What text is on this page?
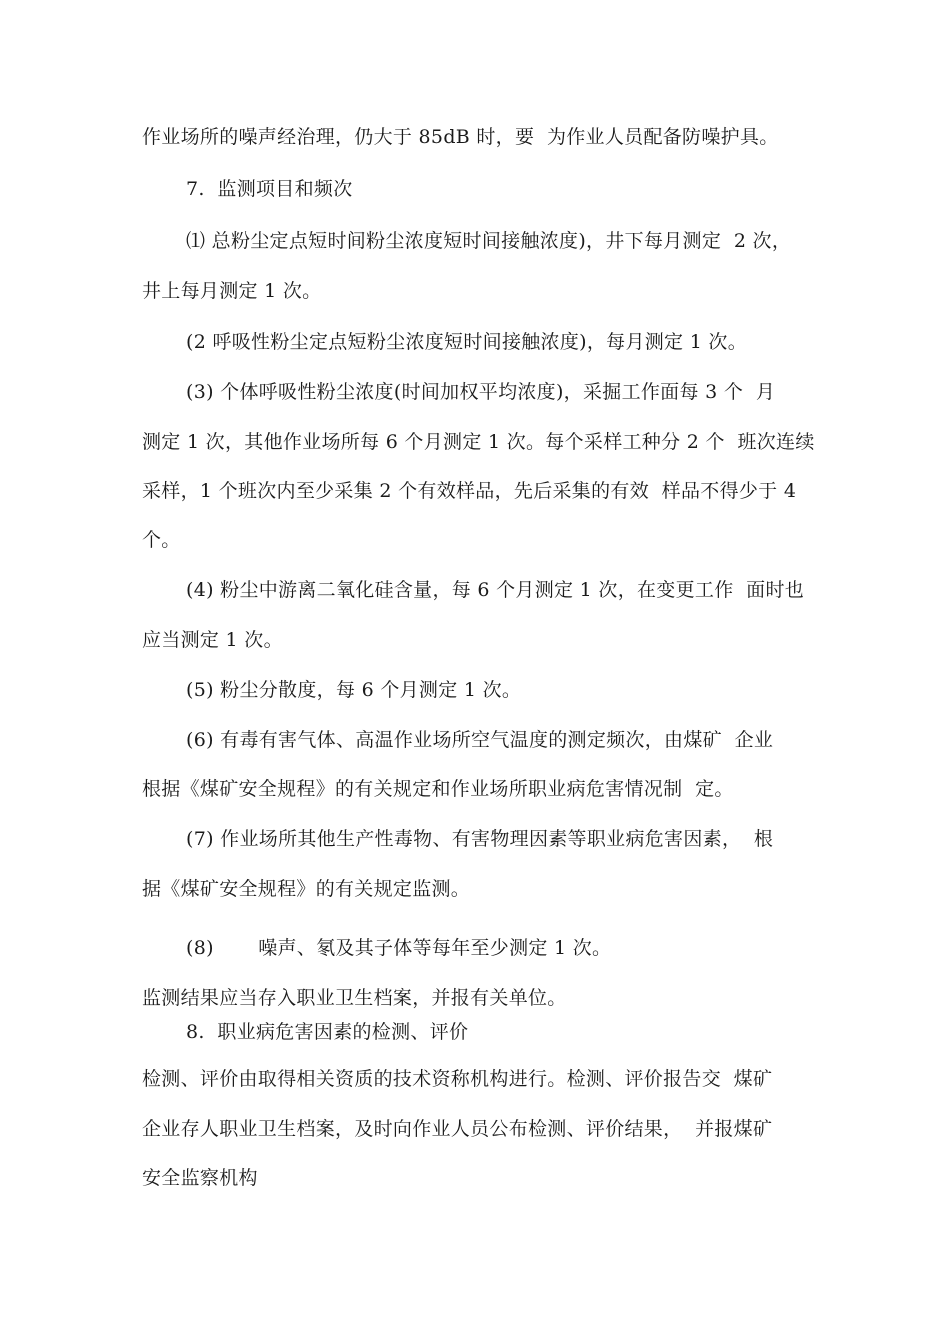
作业场所的噪声经治理，仍大于 85dB 时，要  为作业人员配备防噪护具。
7.  监测项目和频次
⑴ 总粉尘定点短时间粉尘浓度短时间接触浓度)，井下每月测定  2 次，
井上每月测定 1 次。
(2 呼吸性粉尘定点短粉尘浓度短时间接触浓度)，每月测定 1 次。
(3) 个体呼吸性粉尘浓度(时间加权平均浓度)，采掘工作面每 3 个  月
测定 1 次，其他作业场所每 6 个月测定 1 次。每个采样工种分 2 个  班次连续
采样，1 个班次内至少采集 2 个有效样品，先后采集的有效  样品不得少于 4
个。
(4) 粉尘中游离二氧化硅含量，每 6 个月测定 1 次，在变更工作  面时也
应当测定 1 次。
(5) 粉尘分散度，每 6 个月测定 1 次。
(6) 有毒有害气体、高温作业场所空气温度的测定频次，由煤矿  企业
根据《煤矿安全规程》的有关规定和作业场所职业病危害情况制  定。
(7) 作业场所其他生产性毒物、有害物理因素等职业病危害因素，  根
据《煤矿安全规程》的有关规定监测。
(8)       噪声、氡及其子体等每年至少测定 1 次。
监测结果应当存入职业卫生档案，并报有关单位。
8.  职业病危害因素的检测、评价
检测、评价由取得相关资质的技术资称机构进行。检测、评价报告交  煤矿
企业存人职业卫生档案，及时向作业人员公布检测、评价结果，  并报煤矿
安全监察机构
